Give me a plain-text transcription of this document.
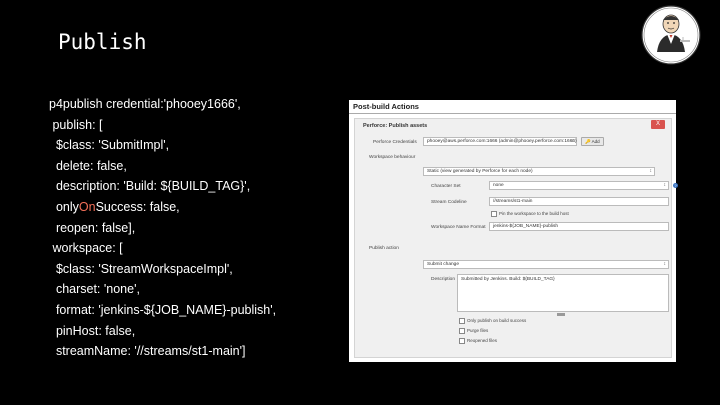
Publish
p4publish credential:'phooey1666',
publish: [
$class: 'SubmitImpl',
delete: false,
description: 'Build: ${BUILD_TAG}',
onlyOnSuccess: false,
reopen: false],
workspace: [
$class: 'StreamWorkspaceImpl',
charset: 'none',
format: 'jenkins-${JOB_NAME}-publish',
pinHost: false,
streamName: '//streams/st1-main']
Post-build Actions
Perforce: Publish assets	X
Perforce Credentials	phooey@aws.perforce.com:1666 (admin@phooey.perforce.com:1666) ↕	🔑 Add
Workspace behaviour
Static (view generated by Perforce for each node) ↕
Character Set	none ↕	?
Stream Codeline	//streams/st1-main
Pin the workspace to the build host
Workspace Name Format	jenkins-${JOB_NAME}-publish
Publish action
Submit change ↕
Description	Submitted by Jenkins. Build: ${BUILD_TAG}
Only publish on build success
Purge files
Reopened files
